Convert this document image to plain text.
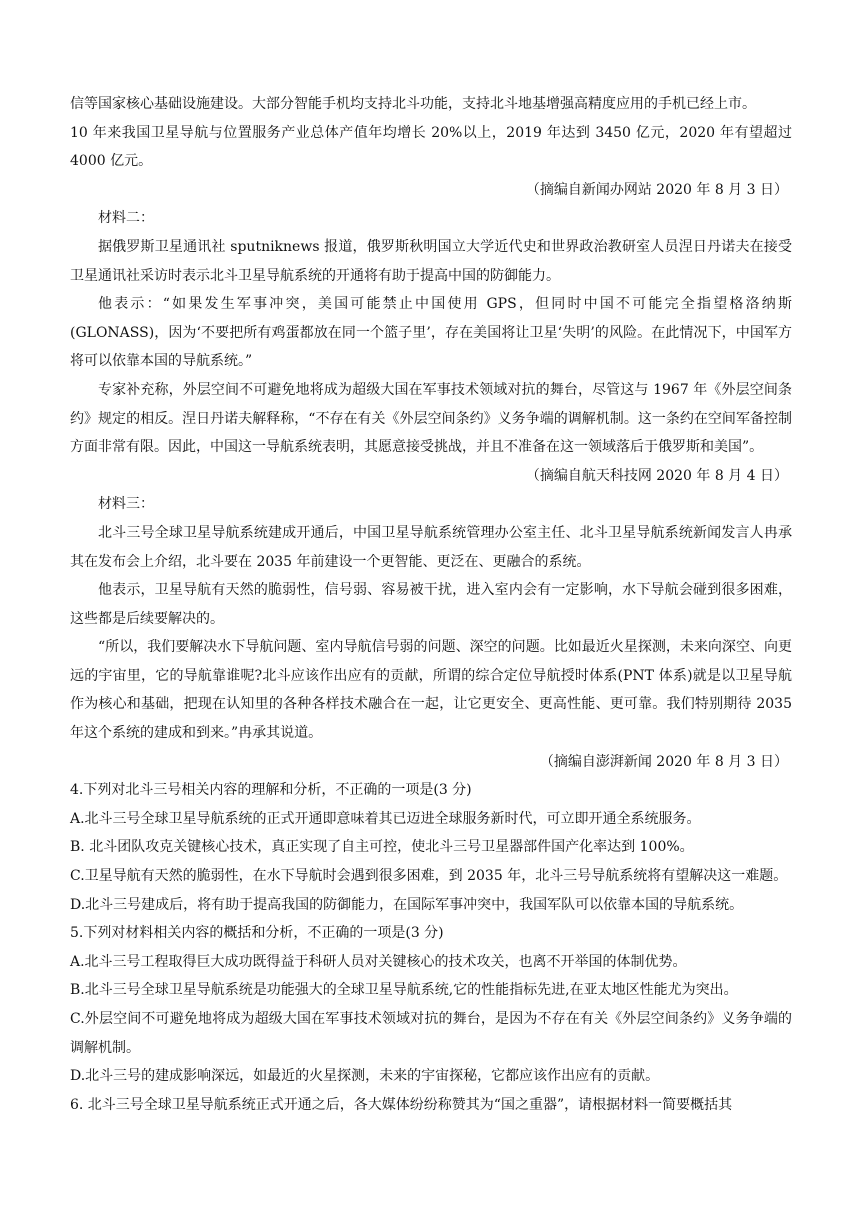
信等国家核心基础设施建设。大部分智能手机均支持北斗功能，支持北斗地基增强高精度应用的手机已经上市。

10 年来我国卫星导航与位置服务产业总体产值年均增长 20%以上，2019 年达到 3450 亿元，2020 年有望超过 4000 亿元。

（摘编自新闻办网站 2020 年 8 月 3 日）

材料二：

据俄罗斯卫星通讯社 sputniknews 报道，俄罗斯秋明国立大学近代史和世界政治教研室人员涅日丹诺夫在接受卫星通讯社采访时表示北斗卫星导航系统的开通将有助于提高中国的防御能力。

他表示：“如果发生军事冲突，美国可能禁止中国使用 GPS，但同时中国不可能完全指望格洛纳斯(GLONASS)，因为‘不要把所有鸡蛋都放在同一个篮子里’，存在美国将让卫星‘失明’的风险。在此情况下，中国军方将可以依靠本国的导航系统。”

专家补充称，外层空间不可避免地将成为超级大国在军事技术领域对抗的舞台，尽管这与 1967 年《外层空间条约》规定的相反。涅日丹诺夫解释称，“不存在有关《外层空间条约》义务争端的调解机制。这一条约在空间军备控制方面非常有限。因此，中国这一导航系统表明，其愿意接受挑战，并且不准备在这一领域落后于俄罗斯和美国”。

（摘编自航天科技网 2020 年 8 月 4 日）

材料三：

北斗三号全球卫星导航系统建成开通后，中国卫星导航系统管理办公室主任、北斗卫星导航系统新闻发言人冉承其在发布会上介绍，北斗要在 2035 年前建设一个更智能、更泛在、更融合的系统。

他表示，卫星导航有天然的脆弱性，信号弱、容易被干扰，进入室内会有一定影响，水下导航会碰到很多困难，这些都是后续要解决的。

“所以，我们要解决水下导航问题、室内导航信号弱的问题、深空的问题。比如最近火星探测，未来向深空、向更远的宇宙里，它的导航靠谁呢?北斗应该作出应有的贡献，所谓的综合定位导航授时体系(PNT 体系)就是以卫星导航作为核心和基础，把现在认知里的各种各样技术融合在一起，让它更安全、更高性能、更可靠。我们特别期待 2035 年这个系统的建成和到来。”冉承其说道。

（摘编自澎湃新闻 2020 年 8 月 3 日）

4.下列对北斗三号相关内容的理解和分析，不正确的一项是(3 分)

A.北斗三号全球卫星导航系统的正式开通即意味着其已迈进全球服务新时代，可立即开通全系统服务。

B. 北斗团队攻克关键核心技术，真正实现了自主可控，使北斗三号卫星器部件国产化率达到 100%。

C.卫星导航有天然的脆弱性，在水下导航时会遇到很多困难，到 2035 年，北斗三号导航系统将有望解决这一难题。

D.北斗三号建成后，将有助于提高我国的防御能力，在国际军事冲突中，我国军队可以依靠本国的导航系统。

5.下列对材料相关内容的概括和分析，不正确的一项是(3 分)

A.北斗三号工程取得巨大成功既得益于科研人员对关键核心的技术攻关，也离不开举国的体制优势。

B.北斗三号全球卫星导航系统是功能强大的全球卫星导航系统,它的性能指标先进,在亚太地区性能尤为突出。

C.外层空间不可避免地将成为超级大国在军事技术领域对抗的舞台，是因为不存在有关《外层空间条约》义务争端的调解机制。

D.北斗三号的建成影响深远，如最近的火星探测，未来的宇宙探秘，它都应该作出应有的贡献。

6. 北斗三号全球卫星导航系统正式开通之后，各大媒体纷纷称赞其为“国之重器”，请根据材料一简要概括其
